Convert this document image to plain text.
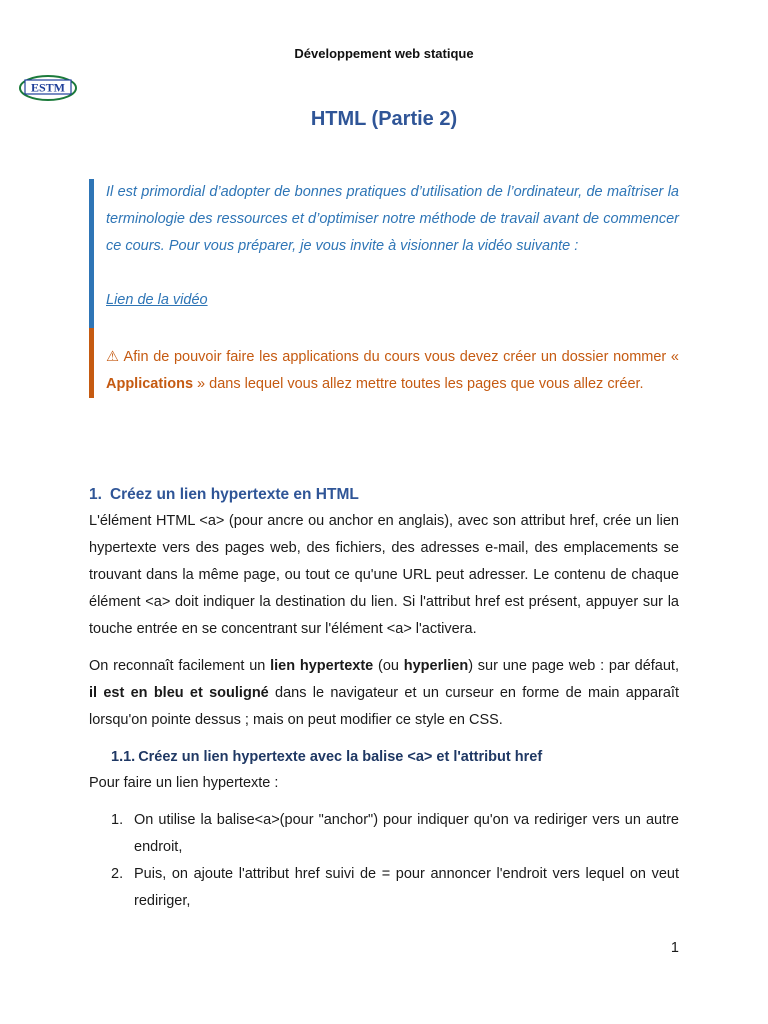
Développement web statique
ESTM
HTML (Partie 2)

Il est primordial d’adopter de bonnes pratiques d’utilisation de l’ordinateur, de maîtriser la terminologie des ressources et d’optimiser notre méthode de travail avant de commencer ce cours. Pour vous préparer, je vous invite à visionner la vidéo suivante :

Lien de la vidéo

⚠ Afin de pouvoir faire les applications du cours vous devez créer un dossier nommer « Applications » dans lequel vous allez mettre toutes les pages que vous allez créer.

1. Créez un lien hypertexte en HTML

L'élément HTML <a> (pour ancre ou anchor en anglais), avec son attribut href, crée un lien hypertexte vers des pages web, des fichiers, des adresses e-mail, des emplacements se trouvant dans la même page, ou tout ce qu'une URL peut adresser. Le contenu de chaque élément <a> doit indiquer la destination du lien. Si l'attribut href est présent, appuyer sur la touche entrée en se concentrant sur l'élément <a> l'activera.

On reconnaît facilement un lien hypertexte (ou hyperlien) sur une page web : par défaut, il est en bleu et souligné dans le navigateur et un curseur en forme de main apparaît lorsqu'on pointe dessus ; mais on peut modifier ce style en CSS.

1.1. Créez un lien hypertexte avec la balise <a> et l'attribut href

Pour faire un lien hypertexte :

1. On utilise la balise<a>(pour "anchor") pour indiquer qu'on va rediriger vers un autre endroit,
2. Puis, on ajoute l'attribut href suivi de = pour annoncer l'endroit vers lequel on veut rediriger,
1
